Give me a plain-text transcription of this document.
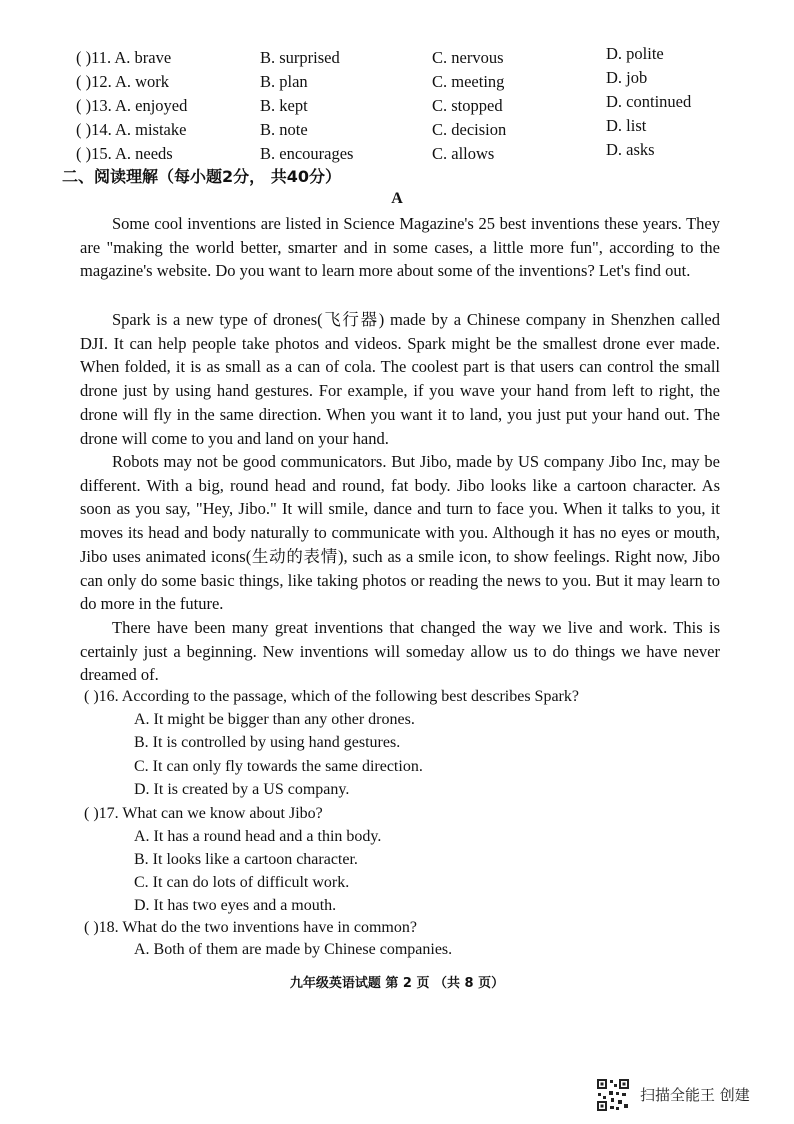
( )11. A. brave	B. surprised	C. nervous	D. polite
( )12. A. work	B. plan	C. meeting	D. job
( )13. A. enjoyed	B. kept	C. stopped	D. continued
( )14. A. mistake	B. note	C. decision	D. list
( )15. A. needs	B. encourages	C. allows	D. asks
二、阅读理解（每小题2分， 共40分）
A

Some cool inventions are listed in Science Magazine's 25 best inventions these years. They are "making the world better, smarter and in some cases, a little more fun", according to the magazine's website. Do you want to learn more about some of the inventions? Let's find out.

Spark is a new type of drones(飞行器) made by a Chinese company in Shenzhen called DJI. It can help people take photos and videos. Spark might be the smallest drone ever made. When folded, it is as small as a can of cola. The coolest part is that users can control the small drone just by using hand gestures. For example, if you wave your hand from left to right, the drone will fly in the same direction. When you want it to land, you just put your hand out. The drone will come to you and land on your hand.

Robots may not be good communicators. But Jibo, made by US company Jibo Inc, may be different. With a big, round head and round, fat body. Jibo looks like a cartoon character. As soon as you say, "Hey, Jibo." It will smile, dance and turn to face you. When it talks to you, it moves its head and body naturally to communicate with you. Although it has no eyes or mouth, Jibo uses animated icons(生动的表情), such as a smile icon, to show feelings. Right now, Jibo can only do some basic things, like taking photos or reading the news to you. But it may learn to do more in the future.

There have been many great inventions that changed the way we live and work. This is certainly just a beginning. New inventions will someday allow us to do things we have never dreamed of.

( )16. According to the passage, which of the following best describes Spark?
A. It might be bigger than any other drones.
B. It is controlled by using hand gestures.
C. It can only fly towards the same direction.
D. It is created by a US company.
( )17. What can we know about Jibo?
A. It has a round head and a thin body.
B. It looks like a cartoon character.
C. It can do lots of difficult work.
D. It has two eyes and a mouth.
( )18. What do the two inventions have in common?
A. Both of them are made by Chinese companies.
九年级英语试题 第 2 页 （共 8 页）
扫描全能王 创建
